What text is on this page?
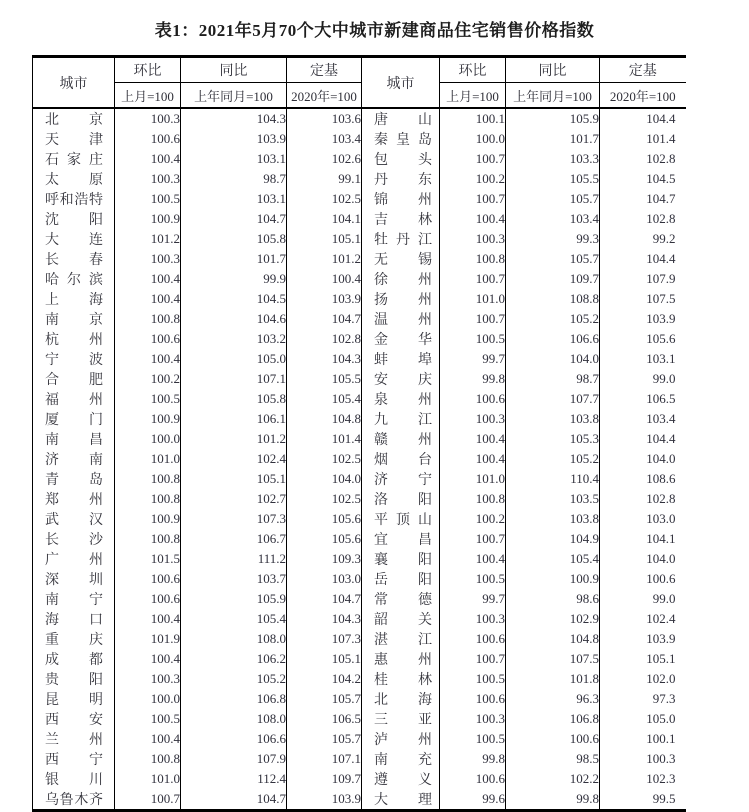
表1：2021年5月70个大中城市新建商品住宅销售价格指数
城市	环比	同比	定基	城市	环比	同比	定基
	上月=100	上年同月=100	2020年=100		上月=100	上年同月=100	2020年=100

北 京	100.3	104.3	103.6	唐 山	100.1	105.9	104.4

天 津	100.6	103.9	103.4	秦 皇 岛	100.0	101.7	101.4

石 家 庄	100.4	103.1	102.6	包 头	100.7	103.3	102.8

太 原	100.3	98.7	99.1	丹 东	100.2	105.5	104.5

呼 和 浩 特	100.5	103.1	102.5	锦 州	100.7	105.7	104.7

沈 阳	100.9	104.7	104.1	吉 林	100.4	103.4	102.8

大 连	101.2	105.8	105.1	牡 丹 江	100.3	99.3	99.2

长 春	100.3	101.7	101.2	无 锡	100.8	105.7	104.4

哈 尔 滨	100.4	99.9	100.4	徐 州	100.7	109.7	107.9

上 海	100.4	104.5	103.9	扬 州	101.0	108.8	107.5

南 京	100.8	104.6	104.7	温 州	100.7	105.2	103.9

杭 州	100.6	103.2	102.8	金 华	100.5	106.6	105.6

宁 波	100.4	105.0	104.3	蚌 埠	99.7	104.0	103.1

合 肥	100.2	107.1	105.5	安 庆	99.8	98.7	99.0

福 州	100.5	105.8	105.4	泉 州	100.6	107.7	106.5

厦 门	100.9	106.1	104.8	九 江	100.3	103.8	103.4

南 昌	100.0	101.2	101.4	赣 州	100.4	105.3	104.4

济 南	101.0	102.4	102.5	烟 台	100.4	105.2	104.0

青 岛	100.8	105.1	104.0	济 宁	101.0	110.4	108.6

郑 州	100.8	102.7	102.5	洛 阳	100.8	103.5	102.8

武 汉	100.9	107.3	105.6	平 顶 山	100.2	103.8	103.0

长 沙	100.8	106.7	105.6	宜 昌	100.7	104.9	104.1

广 州	101.5	111.2	109.3	襄 阳	100.4	105.4	104.0

深 圳	100.6	103.7	103.0	岳 阳	100.5	100.9	100.6

南 宁	100.6	105.9	104.7	常 德	99.7	98.6	99.0

海 口	100.4	105.4	104.3	韶 关	100.3	102.9	102.4

重 庆	101.9	108.0	107.3	湛 江	100.6	104.8	103.9

成 都	100.4	106.2	105.1	惠 州	100.7	107.5	105.1

贵 阳	100.3	105.2	104.2	桂 林	100.5	101.8	102.0

昆 明	100.0	106.8	105.7	北 海	100.6	96.3	97.3

西 安	100.5	108.0	106.5	三 亚	100.3	106.8	105.0

兰 州	100.4	106.6	105.7	泸 州	100.5	100.6	100.1

西 宁	100.8	107.9	107.1	南 充	99.8	98.5	100.3

银 川	101.0	112.4	109.7	遵 义	100.6	102.2	102.3

乌 鲁 木 齐	100.7	104.7	103.9	大 理	99.6	99.8	99.5
